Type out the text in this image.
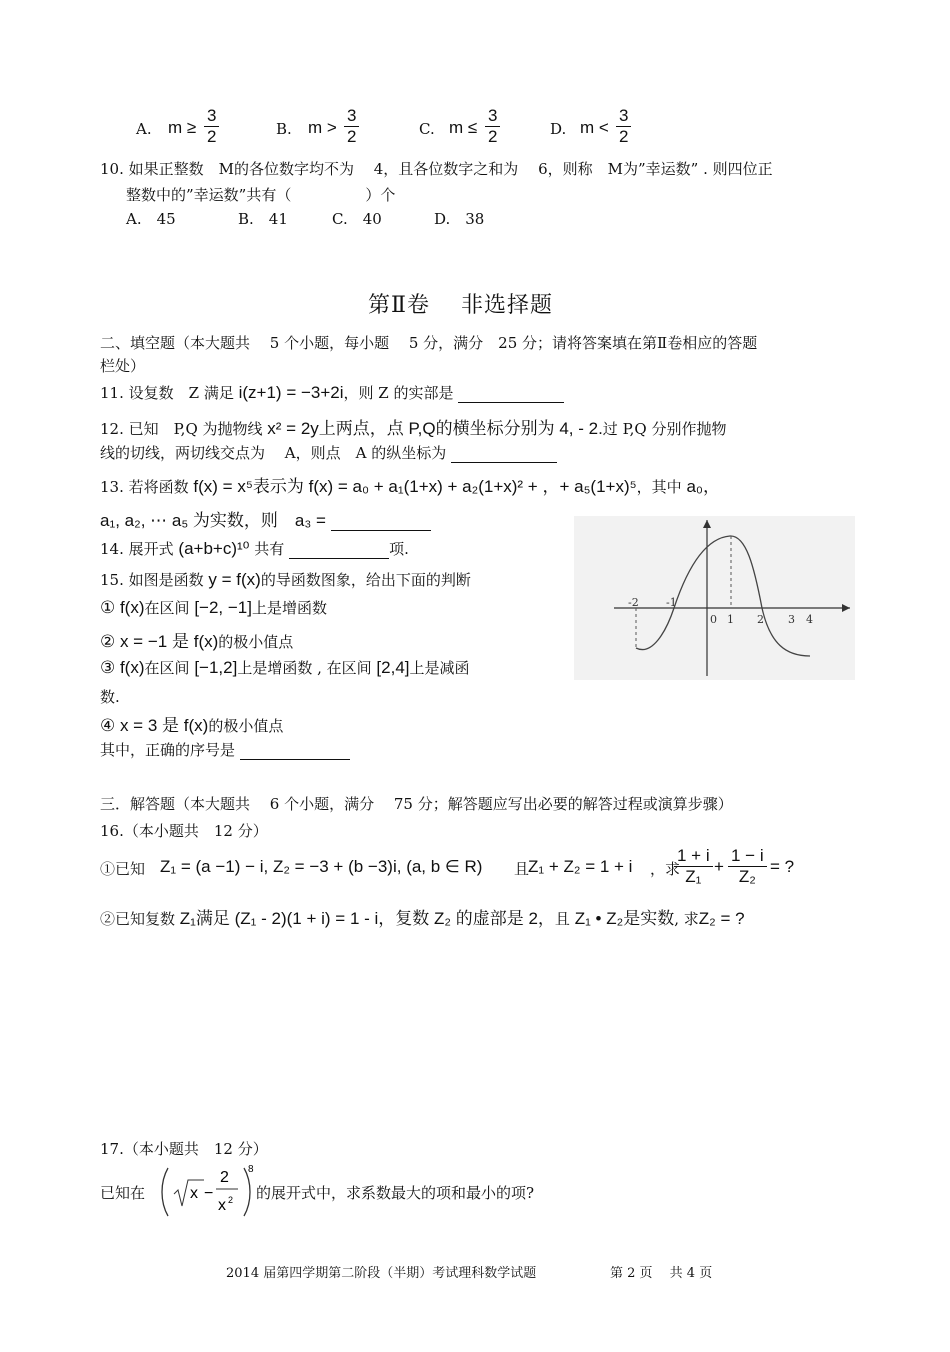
A. $m \ge \frac{3}{2}$	B. $m > \frac{3}{2}$	C. $m \le \frac{3}{2}$	D. $m < \frac{3}{2}$
10. 如果正整数　M的各位数字均不为　 4，且各位数字之和为　 6，则称　M为”幸运数” . 则四位正
整数中的”幸运数”共有（	）个
A.　45	B.　41	C.　40	D.　38
第Ⅱ卷　 非选择题
二、填空题（本大题共　 5 个小题，每小题　 5 分，满分　25 分；请将答案填在第Ⅱ卷相应的答题
栏处）
11. 设复数　Z 满足 i(z+1) = −3+2i，则 Z 的实部是
12. 已知　P,Q 为抛物线 x² = 2y上两点，点 P,Q的横坐标分别为 4, - 2.过 P,Q 分别作抛物
线的切线，两切线交点为　 A，则点　A 的纵坐标为
13. 若将函数 f(x) = x⁵表示为 f(x) = a₀ + a₁(1+x) + a₂(1+x)² + ，+ a₅(1+x)⁵，其中 a₀，
a₁, a₂, ⋯ a₅ 为实数，则　a₃ =
14. 展开式 (a+b+c)¹⁰ 共有	项.
15. 如图是函数 y = f(x)的导函数图象，给出下面的判断
① f(x)在区间 [−2, −1]上是增函数
② x = −1 是 f(x)的极小值点
③ f(x)在区间 [−1,2]上是增函数 , 在区间 [2,4]上是减函
数.
④ x = 3 是 f(x)的极小值点
其中，正确的序号是
-2 -1
0 1 2 3 4
三．解答题（本大题共　 6 个小题，满分　 75 分；解答题应写出必要的解答过程或演算步骤）
16.（本小题共　12 分）
①已知 Z₁ = (a −1) − i, Z₂ = −3 + (b −3)i, (a, b ∈ R) 且
Z₁ + Z₂ = 1 + i ，求
$\frac{1 + i}{\text{Z₁}} + \frac{1 - i}{\text{Z₂}}$ = ?
②已知复数 Z₁满足 (Z₁ - 2)(1 + i) = 1 - i，复数 Z₂ 的虚部是 2，且 Z₁ • Z₂是实数, 求Z₂ = ?
17.（本小题共　12 分）
已知在	x −
2
x 2
8
的展开式中，求系数最大的项和最小的项?
2014 届第四学期第二阶段（半期）考试理科数学试题	第 2 页　 共 4 页
